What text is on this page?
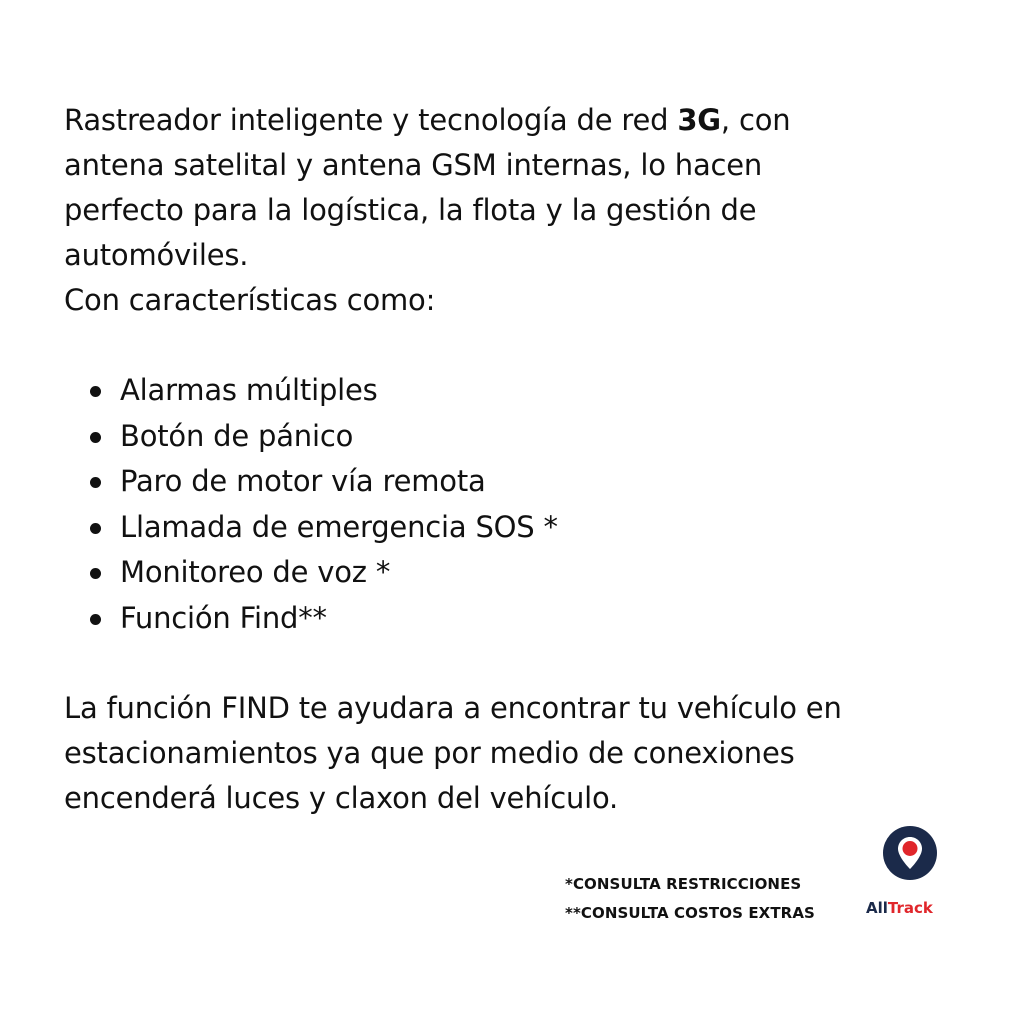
Rastreador inteligente y tecnología de red 3G, con
antena satelital y antena GSM internas, lo hacen
perfecto para la logística, la flota y la gestión de
automóviles.
Con características como:

Alarmas múltiples
Botón de pánico
Paro de motor vía remota
Llamada de emergencia SOS *
Monitoreo de voz *
Función Find**

La función FIND te ayudara a encontrar tu vehículo en
estacionamientos ya que por medio de conexiones
encenderá luces y claxon del vehículo.

*CONSULTA RESTRICCIONES
**CONSULTA COSTOS EXTRAS	AllTrack
